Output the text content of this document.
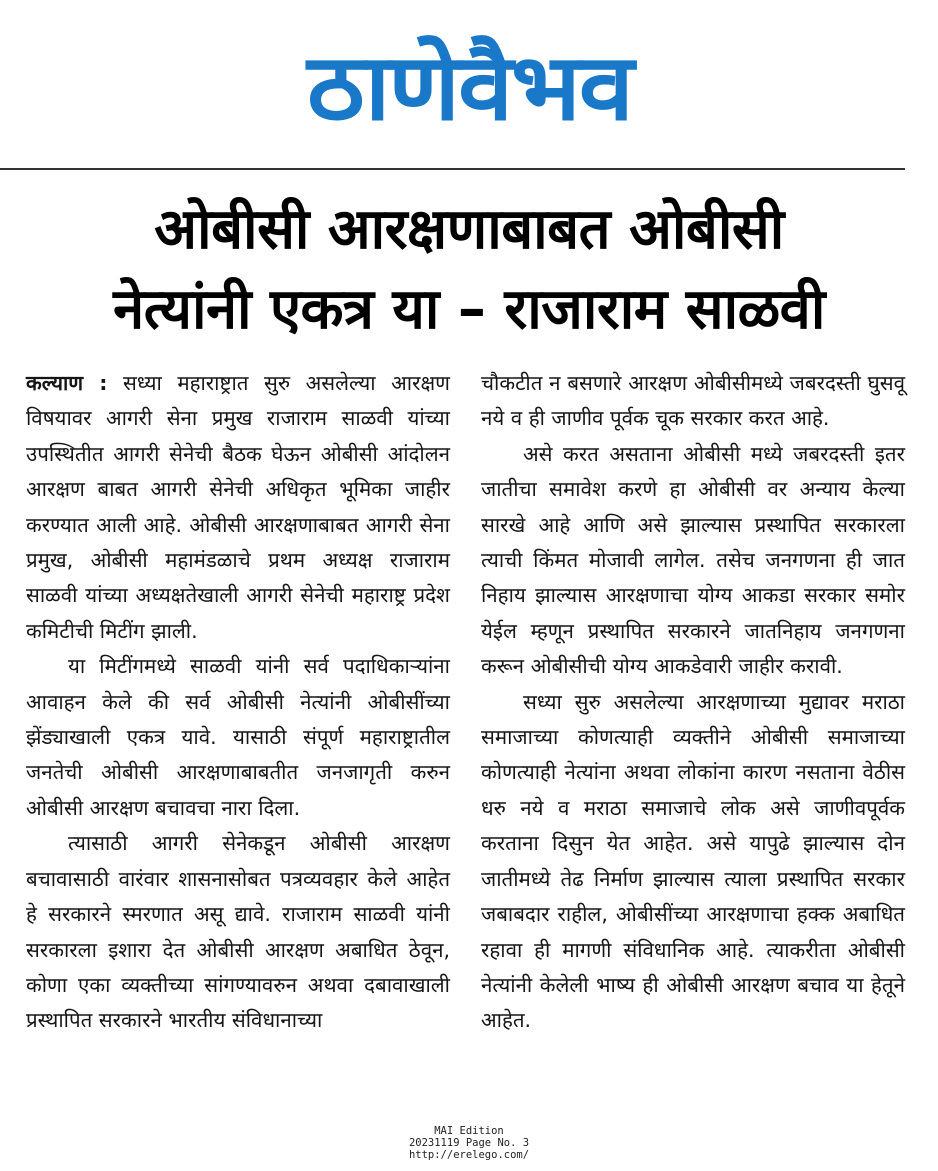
ठाणेवैभव
ओबीसी आरक्षणाबाबत ओबीसी
नेत्यांनी एकत्र या – राजाराम साळवी

कल्याण : सध्या महाराष्ट्रात सुरु असलेल्या आरक्षण विषयावर आगरी सेना प्रमुख राजाराम साळवी यांच्या उपस्थितीत आगरी सेनेची बैठक घेऊन ओबीसी आंदोलन आरक्षण बाबत आगरी सेनेची अधिकृत भूमिका जाहीर करण्यात आली आहे. ओबीसी आरक्षणाबाबत आगरी सेना प्रमुख, ओबीसी महामंडळाचे प्रथम अध्यक्ष राजाराम साळवी यांच्या अध्यक्षतेखाली आगरी सेनेची महाराष्ट्र प्रदेश कमिटीची मिटींग झाली.

या मिटींगमध्ये साळवी यांनी सर्व पदाधिकाऱ्यांना आवाहन केले की सर्व ओबीसी नेत्यांनी ओबीसींच्या झेंड्याखाली एकत्र यावे. यासाठी संपूर्ण महाराष्ट्रातील जनतेची ओबीसी आरक्षणाबाबतीत जनजागृती करुन ओबीसी आरक्षण बचावचा नारा दिला.

त्यासाठी आगरी सेनेकडून ओबीसी आरक्षण बचावासाठी वारंवार शासनासोबत पत्रव्यवहार केले आहेत हे सरकारने स्मरणात असू द्यावे. राजाराम साळवी यांनी सरकारला इशारा देत ओबीसी आरक्षण अबाधित ठेवून, कोणा एका व्यक्तीच्या सांगण्यावरुन अथवा दबावाखाली प्रस्थापित सरकारने भारतीय संविधानाच्या

चौकटीत न बसणारे आरक्षण ओबीसीमध्ये जबरदस्ती घुसवू नये व ही जाणीव पूर्वक चूक सरकार करत आहे.

असे करत असताना ओबीसी मध्ये जबरदस्ती इतर जातीचा समावेश करणे हा ओबीसी वर अन्याय केल्या सारखे आहे आणि असे झाल्यास प्रस्थापित सरकारला त्याची किंमत मोजावी लागेल. तसेच जनगणना ही जात निहाय झाल्यास आरक्षणाचा योग्य आकडा सरकार समोर येईल म्हणून प्रस्थापित सरकारने जातनिहाय जनगणना करून ओबीसीची योग्य आकडेवारी जाहीर करावी.

सध्या सुरु असलेल्या आरक्षणाच्या मुद्यावर मराठा समाजाच्या कोणत्याही व्यक्तीने ओबीसी समाजाच्या कोणत्याही नेत्यांना अथवा लोकांना कारण नसताना वेठीस धरु नये व मराठा समाजाचे लोक असे जाणीवपूर्वक करताना दिसुन येत आहेत. असे यापुढे झाल्यास दोन जातीमध्ये तेढ निर्माण झाल्यास त्याला प्रस्थापित सरकार जबाबदार राहील, ओबीसींच्या आरक्षणाचा हक्क अबाधित रहावा ही मागणी संविधानिक आहे. त्याकरीता ओबीसी नेत्यांनी केलेली भाष्य ही ओबीसी आरक्षण बचाव या हेतूने आहेत.

MAI Edition
20231119 Page No. 3
http://erelego.com/
